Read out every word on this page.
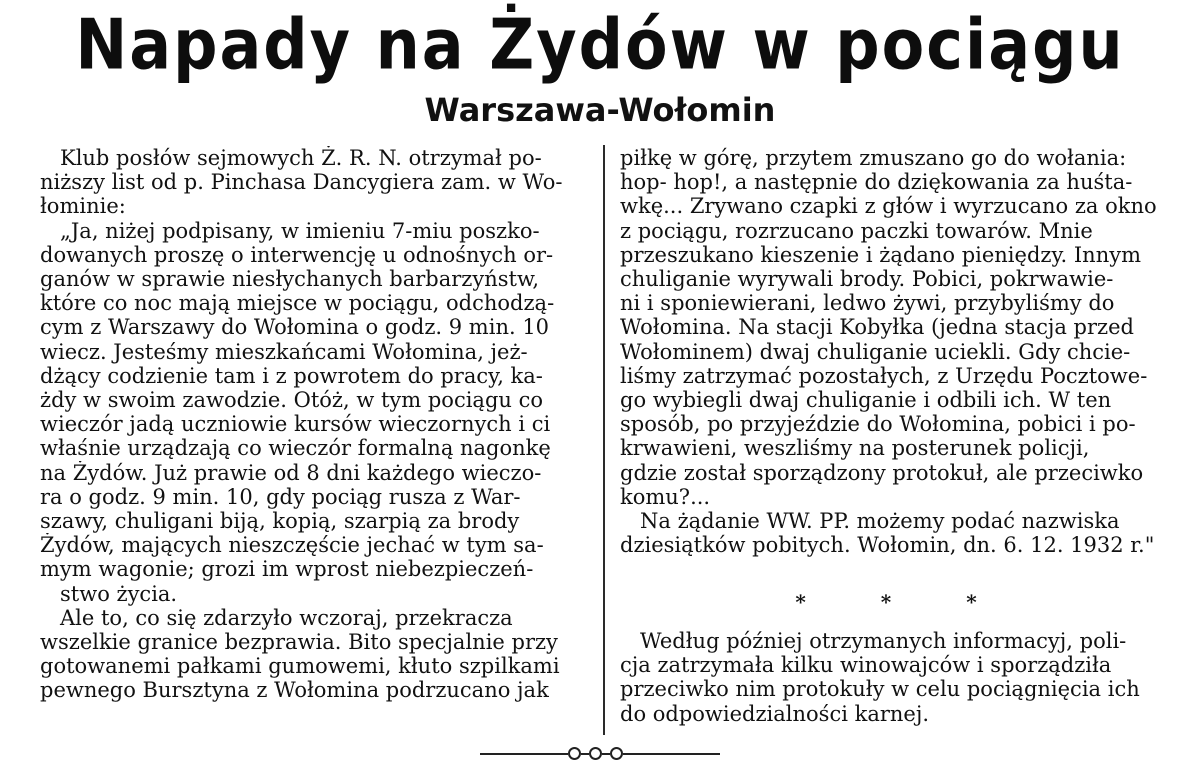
Napady na Żydów w pociągu
Warszawa-Wołomin
Klub posłów sejmowych Ż. R. N. otrzymał po-
niższy list od p. Pinchasa Dancygiera zam. w Wo-
łominie:
„Ja, niżej podpisany, w imieniu 7-miu poszko-
dowanych proszę o interwencję u odnośnych or-
ganów w sprawie niesłychanych barbarzyństw,
które co noc mają miejsce w pociągu, odchodzą-
cym z Warszawy do Wołomina o godz. 9 min. 10
wiecz. Jesteśmy mieszkańcami Wołomina, jeż-
dżący codzienie tam i z powrotem do pracy, ka-
żdy w swoim zawodzie. Otóż, w tym pociągu co
wieczór jadą uczniowie kursów wieczornych i ci
właśnie urządzają co wieczór formalną nagonkę
na Żydów. Już prawie od 8 dni każdego wieczo-
ra o godz. 9 min. 10, gdy pociąg rusza z War-
szawy, chuligani biją, kopią, szarpią za brody
Żydów, mających nieszczęście jechać w tym sa-
mym wagonie; grozi im wprost niebezpieczeń-
stwo życia.
Ale to, co się zdarzyło wczoraj, przekracza
wszelkie granice bezprawia. Bito specjalnie przy
gotowanemi pałkami gumowemi, kłuto szpilkami
pewnego Bursztyna z Wołomina podrzucano jak
piłkę w górę, przytem zmuszano go do wołania:
hop- hop!, a następnie do dziękowania za huśta-
wkę... Zrywano czapki z głów i wyrzucano za okno
z pociągu, rozrzucano paczki towarów. Mnie
przeszukano kieszenie i żądano pieniędzy. Innym
chuliganie wyrywali brody. Pobici, pokrwawie-
ni i sponiewierani, ledwo żywi, przybyliśmy do
Wołomina. Na stacji Kobyłka (jedna stacja przed
Wołominem) dwaj chuliganie uciekli. Gdy chcie-
liśmy zatrzymać pozostałych, z Urzędu Pocztowe-
go wybiegli dwaj chuliganie i odbili ich. W ten
sposób, po przyjeździe do Wołomina, pobici i po-
krwawieni, weszliśmy na posterunek policji,
gdzie został sporządzony protokuł, ale przeciwko
komu?...
Na żądanie WW. PP. możemy podać nazwiska
dziesiątków pobitych. Wołomin, dn. 6. 12. 1932 r."
* * *
Według później otrzymanych informacyj, poli-
cja zatrzymała kilku winowajców i sporządziła
przeciwko nim protokuły w celu pociągnięcia ich
do odpowiedzialności karnej.
